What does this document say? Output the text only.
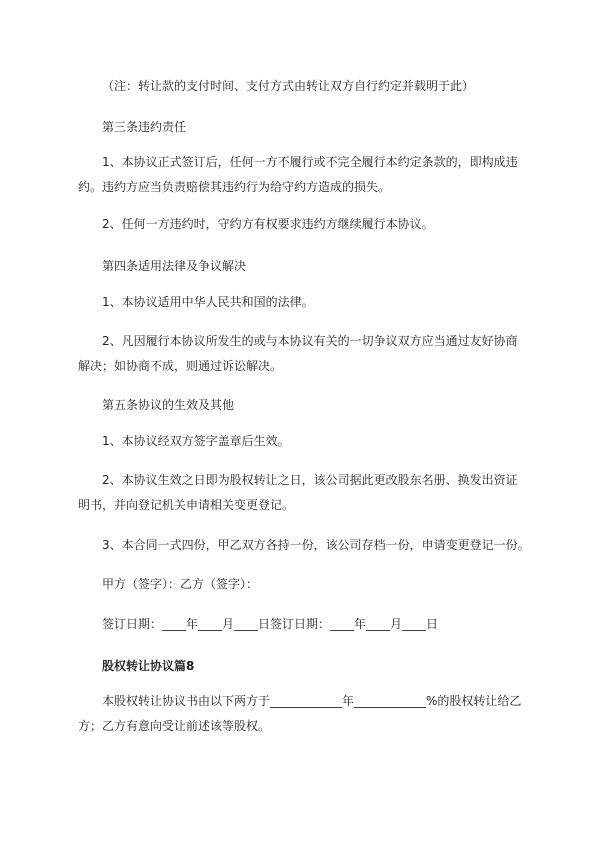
（注：转让款的支付时间、支付方式由转让双方自行约定并载明于此）
第三条违约责任
1、本协议正式签订后，任何一方不履行或不完全履行本约定条款的，即构成违约。违约方应当负责赔偿其违约行为给守约方造成的损失。
2、任何一方违约时，守约方有权要求违约方继续履行本协议。
第四条适用法律及争议解决
1、本协议适用中华人民共和国的法律。
2、凡因履行本协议所发生的或与本协议有关的一切争议双方应当通过友好协商解决；如协商不成，则通过诉讼解决。
第五条协议的生效及其他
1、本协议经双方签字盖章后生效。
2、本协议生效之日即为股权转让之日，该公司据此更改股东名册、换发出资证明书，并向登记机关申请相关变更登记。
3、本合同一式四份，甲乙双方各持一份，该公司存档一份，申请变更登记一份。
甲方（签字）：乙方（签字）：
签订日期：____年____月____日签订日期：____年____月____日
股权转让协议篇8
本股权转让协议书由以下两方于____________年____________%的股权转让给乙方；乙方有意向受让前述该等股权。
